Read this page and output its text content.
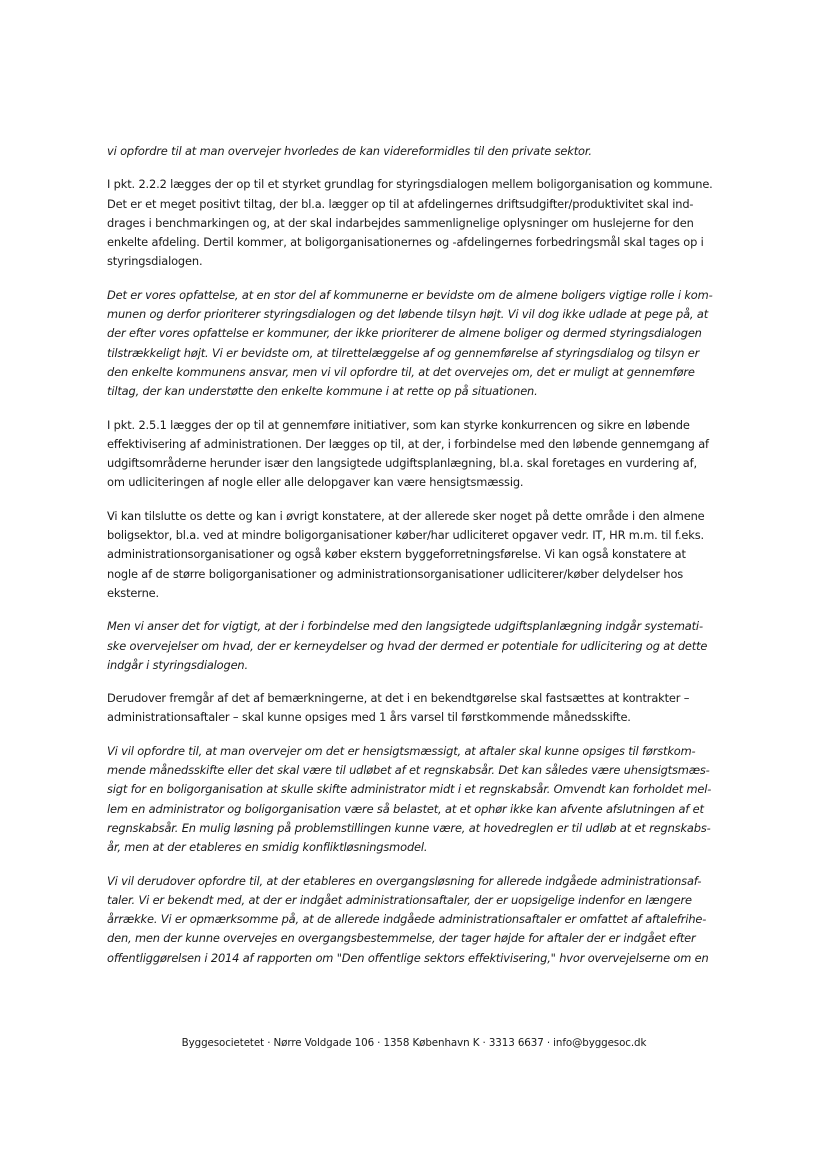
vi opfordre til at man overvejer hvorledes de kan videreformidles til den private sektor.

I pkt. 2.2.2 lægges der op til et styrket grundlag for styringsdialogen mellem boligorganisation og kommune.
Det er et meget positivt tiltag, der bl.a. lægger op til at afdelingernes driftsudgifter/produktivitet skal ind-
drages i benchmarkingen og, at der skal indarbejdes sammenlignelige oplysninger om huslejerne for den
enkelte afdeling. Dertil kommer, at boligorganisationernes og -afdelingernes forbedringsmål skal tages op i
styringsdialogen.

Det er vores opfattelse, at en stor del af kommunerne er bevidste om de almene boligers vigtige rolle i kom-
munen og derfor prioriterer styringsdialogen og det løbende tilsyn højt. Vi vil dog ikke udlade at pege på, at
der efter vores opfattelse er kommuner, der ikke prioriterer de almene boliger og dermed styringsdialogen
tilstrækkeligt højt. Vi er bevidste om, at tilrettelæggelse af og gennemførelse af styringsdialog og tilsyn er
den enkelte kommunens ansvar, men vi vil opfordre til, at det overvejes om, det er muligt at gennemføre
tiltag, der kan understøtte den enkelte kommune i at rette op på situationen.

I pkt. 2.5.1 lægges der op til at gennemføre initiativer, som kan styrke konkurrencen og sikre en løbende
effektivisering af administrationen. Der lægges op til, at der, i forbindelse med den løbende gennemgang af
udgiftsområderne herunder især den langsigtede udgiftsplanlægning, bl.a. skal foretages en vurdering af,
om udliciteringen af nogle eller alle delopgaver kan være hensigtsmæssig.

Vi kan tilslutte os dette og kan i øvrigt konstatere, at der allerede sker noget på dette område i den almene
boligsektor, bl.a. ved at mindre boligorganisationer køber/har udliciteret opgaver vedr. IT, HR m.m. til f.eks.
administrationsorganisationer og også køber ekstern byggeforretningsførelse. Vi kan også konstatere at
nogle af de større boligorganisationer og administrationsorganisationer udliciterer/køber delydelser hos
eksterne.

Men vi anser det for vigtigt, at der i forbindelse med den langsigtede udgiftsplanlægning indgår systemati-
ske overvejelser om hvad, der er kerneydelser og hvad der dermed er potentiale for udlicitering og at dette
indgår i styringsdialogen.

Derudover fremgår af det af bemærkningerne, at det i en bekendtgørelse skal fastsættes at kontrakter –
administrationsaftaler – skal kunne opsiges med 1 års varsel til førstkommende månedsskifte.

Vi vil opfordre til, at man overvejer om det er hensigtsmæssigt, at aftaler skal kunne opsiges til førstkom-
mende månedsskifte eller det skal være til udløbet af et regnskabsår. Det kan således være uhensigtsmæs-
sigt for en boligorganisation at skulle skifte administrator midt i et regnskabsår. Omvendt kan forholdet mel-
lem en administrator og boligorganisation være så belastet, at et ophør ikke kan afvente afslutningen af et
regnskabsår. En mulig løsning på problemstillingen kunne være, at hovedreglen er til udløb at et regnskabs-
år, men at der etableres en smidig konfliktløsningsmodel.

Vi vil derudover opfordre til, at der etableres en overgangsløsning for allerede indgåede administrationsaf-
taler. Vi er bekendt med, at der er indgået administrationsaftaler, der er uopsigelige indenfor en længere
årrække. Vi er opmærksomme på, at de allerede indgåede administrationsaftaler er omfattet af aftalefrihe-
den, men der kunne overvejes en overgangsbestemmelse, der tager højde for aftaler der er indgået efter
offentliggørelsen i 2014 af rapporten om "Den offentlige sektors effektivisering," hvor overvejelserne om en

Byggesocietetet · Nørre Voldgade 106 · 1358 København K · 3313 6637 · info@byggesoc.dk
